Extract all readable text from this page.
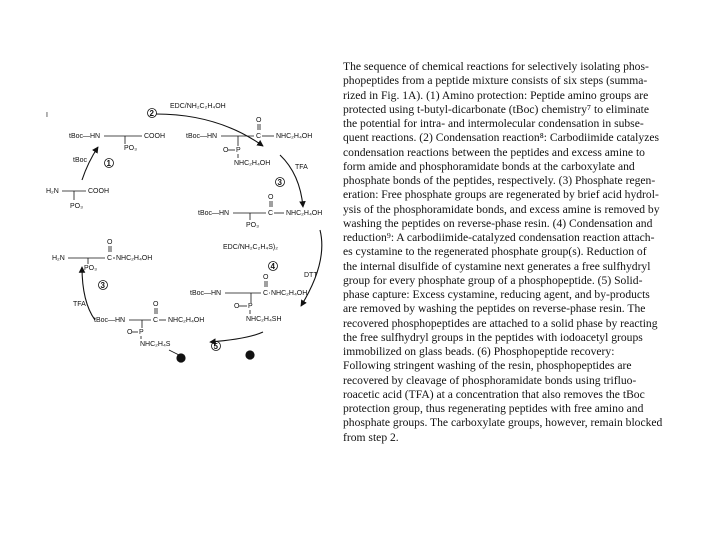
I
H₂N	COOH
PO₃
tBoc 1
tBoc—HN	COOH
PO₃
EDC/NH₂C₂H₄OH
2
tBoc—HN	C
O
NHC₂H₄OH
O P
NHC₂H₄OH
TFA
3
tBoc—HN	C
O
NHC₂H₄OH
PO₃
EDC/NH₂C₂H₄S)₂
4
DTT
tBoc—HN	C
O
NHC₂H₄OH
O P
NHC₂H₄SH
5
tBoc—HN	C
O
NHC₂H₄OH
O P
NHC₂H₄S
TFA
3
H₂N	C
O
NHC₂H₄OH
PO₃
The sequence of chemical reactions for selectively isolating phos-
phopeptides from a peptide mixture consists of six steps (summa-
rized in Fig. 1A). (1) Amino protection: Peptide amino groups are
protected using t-butyl-dicarbonate (tBoc) chemistry⁷ to eliminate
the potential for intra- and intermolecular condensation in subse-
quent reactions. (2) Condensation reaction⁸: Carbodiimide catalyzes
condensation reactions between the peptides and excess amine to
form amide and phosphoramidate bonds at the carboxylate and
phosphate bonds of the peptides, respectively. (3) Phosphate regen-
eration: Free phosphate groups are regenerated by brief acid hydrol-
ysis of the phosphoramidate bonds, and excess amine is removed by
washing the peptides on reverse-phase resin. (4) Condensation and
reduction⁹: A carbodiimide-catalyzed condensation reaction attach-
es cystamine to the regenerated phosphate group(s). Reduction of
the internal disulfide of cystamine next generates a free sulfhydryl
group for every phosphate group of a phosphopeptide. (5) Solid-
phase capture: Excess cystamine, reducing agent, and by-products
are removed by washing the peptides on reverse-phase resin. The
recovered phosphopeptides are attached to a solid phase by reacting
the free sulfhydryl groups in the peptides with iodoacetyl groups
immobilized on glass beads. (6) Phosphopeptide recovery:
Following stringent washing of the resin, phosphopeptides are
recovered by cleavage of phosphoramidate bonds using trifluo-
roacetic acid (TFA) at a concentration that also removes the tBoc
protection group, thus regenerating peptides with free amino and
phosphate groups. The carboxylate groups, however, remain blocked
from step 2.
